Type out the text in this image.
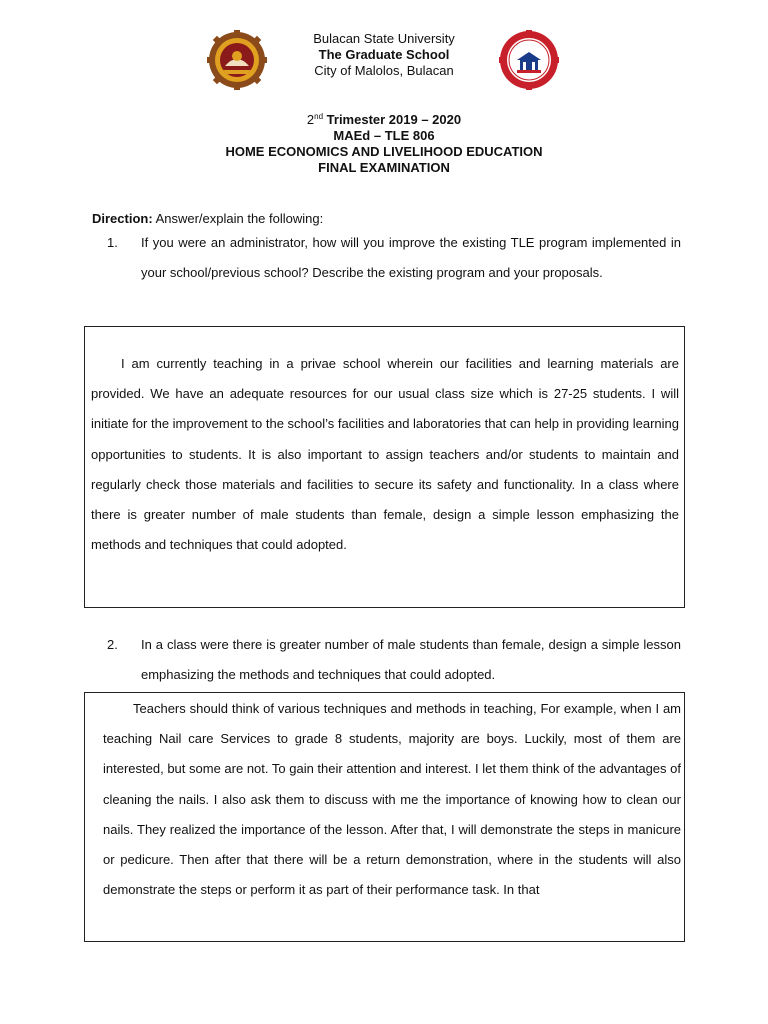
Bulacan State University
The Graduate School
City of Malolos, Bulacan
2nd Trimester 2019 – 2020
MAEd – TLE 806
HOME ECONOMICS AND LIVELIHOOD EDUCATION
FINAL EXAMINATION
Direction: Answer/explain the following:
1. If you were an administrator, how will you improve the existing TLE program implemented in your school/previous school? Describe the existing program and your proposals.
I am currently teaching in a privae school wherein our facilities and learning materials are provided. We have an adequate resources for our usual class size which is 27-25 students. I will initiate for the improvement to the school’s facilities and laboratories that can help in providing learning opportunities to students. It is also important to assign teachers and/or students to maintain and regularly check those materials and facilities to secure its safety and functionality. In a class where there is greater number of male students than female, design a simple lesson emphasizing the methods and techniques that could adopted.
2. In a class were there is greater number of male students than female, design a simple lesson emphasizing the methods and techniques that could adopted.
Teachers should think of various techniques and methods in teaching, For example, when I am teaching Nail care Services to grade 8 students, majority are boys. Luckily, most of them are interested, but some are not. To gain their attention and interest. I let them think of the advantages of cleaning the nails. I also ask them to discuss with me the importance of knowing how to clean our nails. They realized the importance of the lesson. After that, I will demonstrate the steps in manicure or pedicure. Then after that there will be a return demonstration, where in the students will also demonstrate the steps or perform it as part of their performance task. In that
